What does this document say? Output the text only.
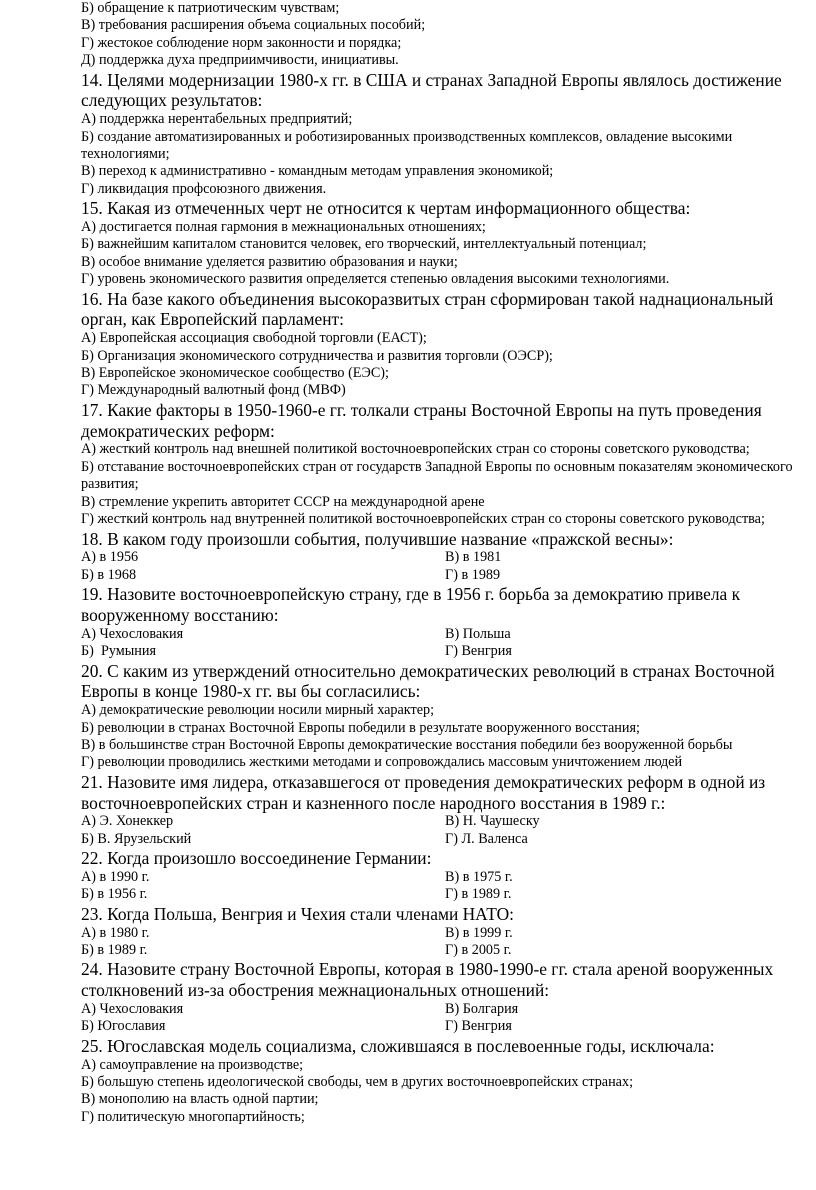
Б) обращение к патриотическим чувствам;
В) требования расширения объема социальных пособий;
Г) жестокое соблюдение норм законности и порядка;
Д) поддержка духа предприимчивости, инициативы.
14. Целями модернизации 1980-х гг. в США и странах Западной Европы являлось достижение следующих результатов:
А) поддержка нерентабельных предприятий;
Б) создание автоматизированных и роботизированных производственных комплексов, овладение высокими технологиями;
В) переход к административно - командным методам управления экономикой;
Г) ликвидация профсоюзного движения.
15. Какая из отмеченных черт не относится к чертам информационного общества:
А) достигается полная гармония в межнациональных отношениях;
Б) важнейшим капиталом становится человек, его творческий, интеллектуальный потенциал;
В) особое внимание уделяется развитию образования и науки;
Г) уровень экономического развития определяется степенью овладения высокими технологиями.
16. На базе какого объединения высокоразвитых стран сформирован такой наднациональный орган, как Европейский парламент:
А) Европейская ассоциация свободной торговли (ЕАСТ);
Б) Организация экономического сотрудничества и развития торговли (ОЭСР);
В) Европейское экономическое сообщество (ЕЭС);
Г) Международный валютный фонд (МВФ)
17. Какие факторы в 1950-1960-е гг. толкали страны Восточной Европы на путь проведения демократических реформ:
А) жесткий контроль над внешней политикой восточноевропейских стран со стороны советского руководства;
Б) отставание восточноевропейских стран от государств Западной Европы по основным показателям экономического развития;
В) стремление укрепить авторитет СССР на международной арене
Г) жесткий контроль над внутренней политикой восточноевропейских стран со стороны советского руководства;
18. В каком году произошли события, получившие название «пражской весны»:
А) в 1956	В) в 1981
Б) в 1968	Г) в 1989
19. Назовите восточноевропейскую страну, где в 1956 г. борьба за демократию привела к вооруженному восстанию:
А) Чехословакия	В) Польша
Б)  Румыния	Г) Венгрия
20. С каким из утверждений относительно демократических революций в странах Восточной Европы в конце 1980-х гг. вы бы согласились:
А) демократические революции носили мирный характер;
Б) революции в странах Восточной Европы победили в результате вооруженного восстания;
В) в большинстве стран Восточной Европы демократические восстания победили без вооруженной борьбы
Г) революции проводились жесткими методами и сопровождались массовым уничтожением людей
21. Назовите имя лидера, отказавшегося от проведения демократических реформ в одной из восточноевропейских стран и казненного после народного восстания в 1989 г.:
А) Э. Хонеккер	В) Н. Чаушеску
Б) В. Ярузельский	Г) Л. Валенса
22. Когда произошло воссоединение Германии:
А) в 1990 г.	В) в 1975 г.
Б) в 1956 г.	Г) в 1989 г.
23. Когда Польша, Венгрия и Чехия стали членами НАТО:
А) в 1980 г.	В) в 1999 г.
Б) в 1989 г.	Г) в 2005 г.
24. Назовите страну Восточной Европы, которая в 1980-1990-е гг. стала ареной вооруженных столкновений из-за обострения межнациональных отношений:
А) Чехословакия	В) Болгария
Б) Югославия	Г) Венгрия
25. Югославская модель социализма, сложившаяся в послевоенные годы, исключала:
А) самоуправление на производстве;
Б) большую степень идеологической свободы, чем в других восточноевропейских странах;
В) монополию на власть одной партии;
Г) политическую многопартийность;
